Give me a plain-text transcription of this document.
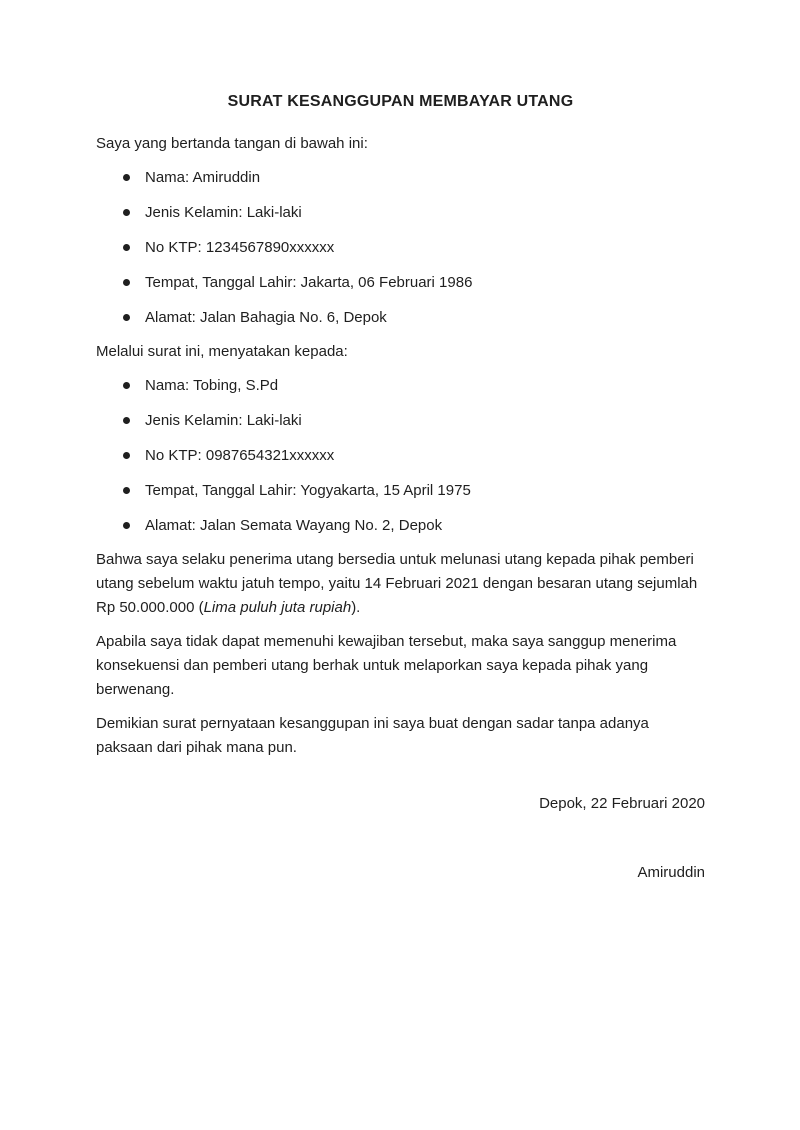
SURAT KESANGGUPAN MEMBAYAR UTANG

Saya yang bertanda tangan di bawah ini:

Nama: Amiruddin
Jenis Kelamin: Laki-laki
No KTP: 1234567890xxxxxx
Tempat, Tanggal Lahir: Jakarta, 06 Februari 1986
Alamat: Jalan Bahagia No. 6, Depok

Melalui surat ini, menyatakan kepada:

Nama: Tobing, S.Pd
Jenis Kelamin: Laki-laki
No KTP: 0987654321xxxxxx
Tempat, Tanggal Lahir: Yogyakarta, 15 April 1975
Alamat: Jalan Semata Wayang No. 2, Depok

Bahwa saya selaku penerima utang bersedia untuk melunasi utang kepada pihak pemberi utang sebelum waktu jatuh tempo, yaitu 14 Februari 2021 dengan besaran utang sejumlah Rp 50.000.000 (Lima puluh juta rupiah).

Apabila saya tidak dapat memenuhi kewajiban tersebut, maka saya sanggup menerima konsekuensi dan pemberi utang berhak untuk melaporkan saya kepada pihak yang berwenang.

Demikian surat pernyataan kesanggupan ini saya buat dengan sadar tanpa adanya paksaan dari pihak mana pun.

Depok, 22 Februari 2020

Amiruddin
